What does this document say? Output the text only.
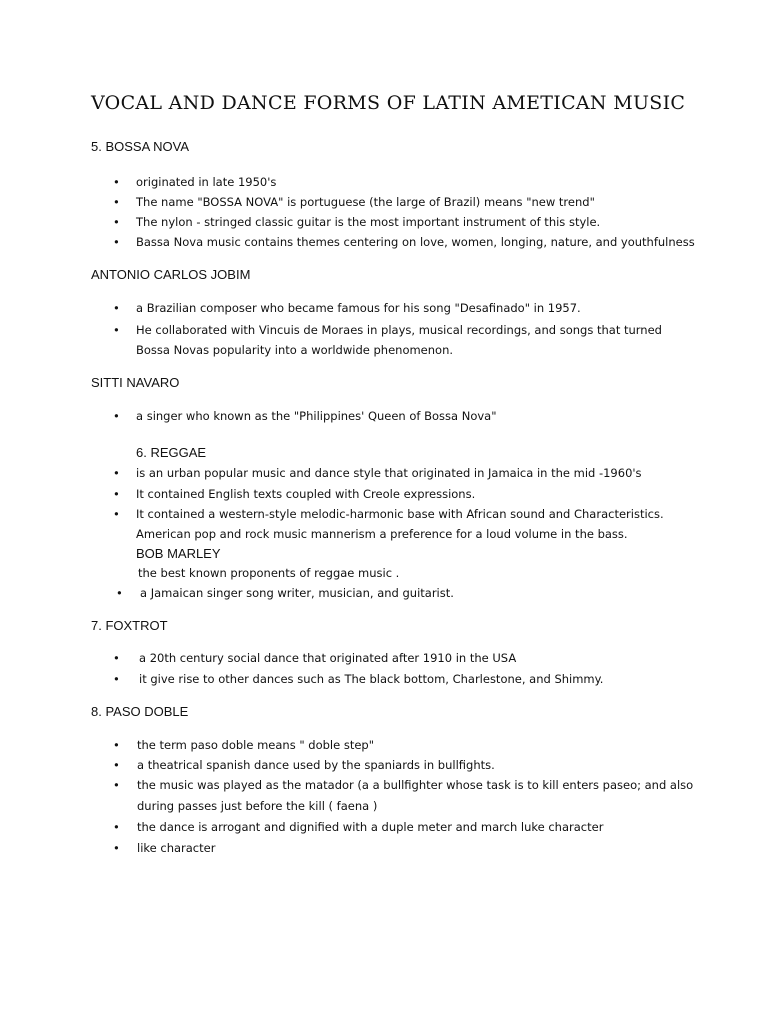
VOCAL AND DANCE FORMS OF LATIN AMETICAN MUSIC
5. BOSSA NOVA
• originated in late 1950's
• The name "BOSSA NOVA" is portuguese (the large of Brazil) means "new trend"
• The nylon - stringed classic guitar is the most important instrument of this style.
• Bassa Nova music contains themes centering on love, women, longing, nature, and youthfulness
ANTONIO CARLOS JOBIM
• a Brazilian composer who became famous for his song "Desafinado" in 1957.
• He collaborated with Vincuis de Moraes in plays, musical recordings, and songs that turned
Bossa Novas popularity into a worldwide phenomenon.
SITTI NAVARO
• a singer who known as the "Philippines' Queen of Bossa Nova"
6. REGGAE
• is an urban popular music and dance style that originated in Jamaica in the mid -1960's
• It contained English texts coupled with Creole expressions.
• It contained a western-style melodic-harmonic base with African sound and Characteristics.
American pop and rock music mannerism a preference for a loud volume in the bass.
BOB MARLEY
the best known proponents of reggae music .
• a Jamaican singer song writer, musician, and guitarist.
7. FOXTROT
• a 20th century social dance that originated after 1910 in the USA
• it give rise to other dances such as The black bottom, Charlestone, and Shimmy.
8. PASO DOBLE
• the term paso doble means " doble step"
• a theatrical spanish dance used by the spaniards in bullfights.
• the music was played as the matador (a a bullfighter whose task is to kill enters paseo; and also
during passes just before the kill ( faena )
• the dance is arrogant and dignified with a duple meter and march luke character
• like character
